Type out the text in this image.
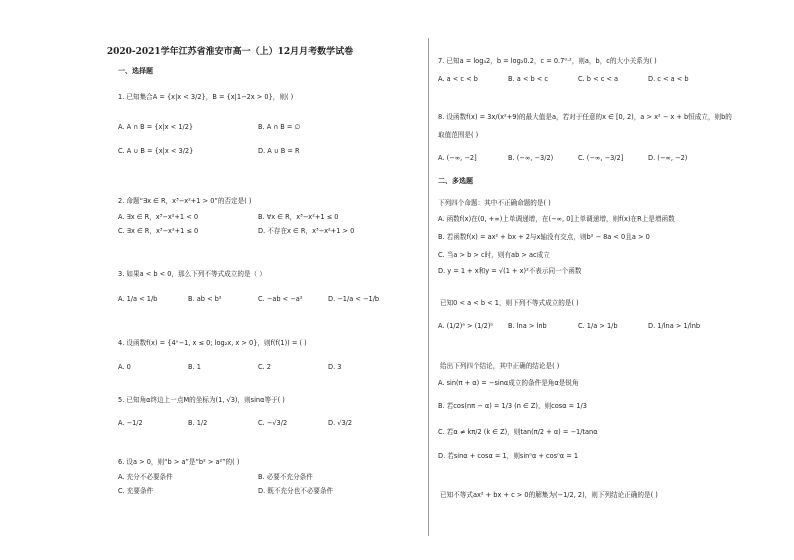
2020-2021学年江苏省淮安市高一（上）12月月考数学试卷
一、选择题
1. 已知集合A = {x|x < 3/2}，B = {x|1−2x > 0}，则( )
A. A ∩ B = {x|x < 1/2}	B. A ∩ B = ∅
C. A ∪ B = {x|x < 3/2}	D. A ∪ B = R
2. 命题“∃x ∈ R，x³−x²+1 > 0”的否定是( )
A. ∃x ∈ R，x³−x²+1 < 0	B. ∀x ∈ R，x³−x²+1 ≤ 0
C. ∃x ∈ R，x³−x²+1 ≤ 0	D. 不存在x ∈ R，x³−x²+1 > 0
3. 如果a < b < 0，那么下列不等式成立的是（ ）
A. 1/a < 1/b	B. ab < b²	C. −ab < −a²	D. −1/a < −1/b
4. 设函数f(x) = {4ˣ−1, x ≤ 0; log₂x, x > 0}，则f(f(1)) = ( )
A. 0	B. 1	C. 2	D. 3
5. 已知角α终边上一点M的坐标为(1, √3)，则sinα等于( )
A. −1/2	B. 1/2	C. −√3/2	D. √3/2
6. 设a > 0，则“b > a”是“b² > a²”的( )
A. 充分不必要条件	B. 必要不充分条件
C. 充要条件	D. 既不充分也不必要条件
7. 已知a = log₃2，b = log₂0.2，c = 0.7⁰·²，则a，b，c的大小关系为( )
A. a < c < b	B. a < b < c	C. b < c < a	D. c < a < b
8. 设函数f(x) = 3x/(x²+9)的最大值是a，若对于任意的x ∈ [0, 2)，a > x² − x + b恒成立，则b的
取值范围是( )
A. (−∞, −2]	B. (−∞, −3/2)	C. (−∞, −3/2]	D. (−∞, −2)
二、多选题
下列四个命题：其中不正确命题的是( )
A. 函数f(x)在(0, +∞)上单调递增，在(−∞, 0]上单调递增，则f(x)在R上是增函数
B. 若函数f(x) = ax² + bx + 2与x轴没有交点，则b² − 8a < 0且a > 0
C. 当a > b > c时，则有ab > ac成立
D. y = 1 + x和y = √(1 + x)²不表示同一个函数
已知0 < a < b < 1，则下列不等式成立的是( )
A. (1/2)ᵃ > (1/2)ᵇ B. lna > lnb	C. 1/a > 1/b	D. 1/lna > 1/lnb
给出下列四个结论，其中正确的结论是( )
A. sin(π + α) = −sinα成立的条件是角α是锐角
B. 若cos(nπ − α) = 1/3 (n ∈ Z)，则cosα = 1/3
C. 若α ≠ kπ/2 (k ∈ Z)，则tan(π/2 + α) = −1/tanα
D. 若sinα + cosα = 1，则sinⁿα + cosⁿα = 1
已知不等式ax² + bx + c > 0的解集为(−1/2, 2)，则下列结论正确的是( )
